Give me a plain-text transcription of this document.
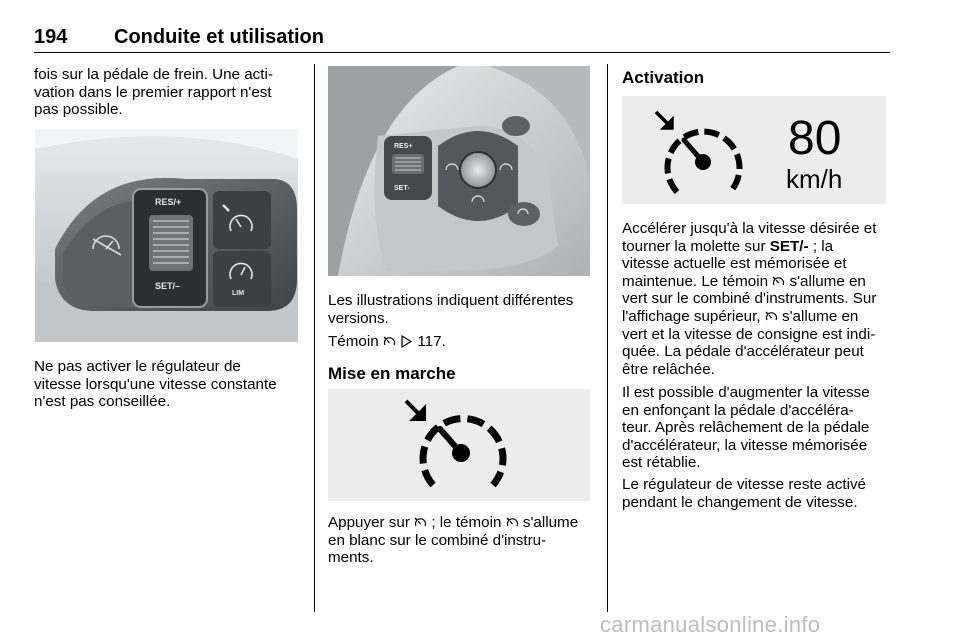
194 Conduite et utilisation
fois sur la pédale de frein. Une acti-
vation dans le premier rapport n'est
pas possible.
RES/+
SET/–
LIM
Ne pas activer le régulateur de
vitesse lorsqu'une vitesse constante
n'est pas conseillée.
RES+
SET-
Les illustrations indiquent différentes
versions.
Témoin
	117.
Mise en marche
Appuyer sur ; le témoin s'allume
en blanc sur le combiné d'instru-
ments.
Activation
80
km/h
Accélérer jusqu'à la vitesse désirée et
tourner la molette sur SET/- ; la
vitesse actuelle est mémorisée et
maintenue. Le témoin s'allume en
vert sur le combiné d'instruments. Sur
l'affichage supérieur, s'allume en
vert et la vitesse de consigne est indi-
quée. La pédale d'accélérateur peut
être relâchée.
Il est possible d'augmenter la vitesse
en enfonçant la pédale d'accéléra-
teur. Après relâchement de la pédale
d'accélérateur, la vitesse mémorisée
est rétablie.
Le régulateur de vitesse reste activé
pendant le changement de vitesse.
carmanualsonline.info
